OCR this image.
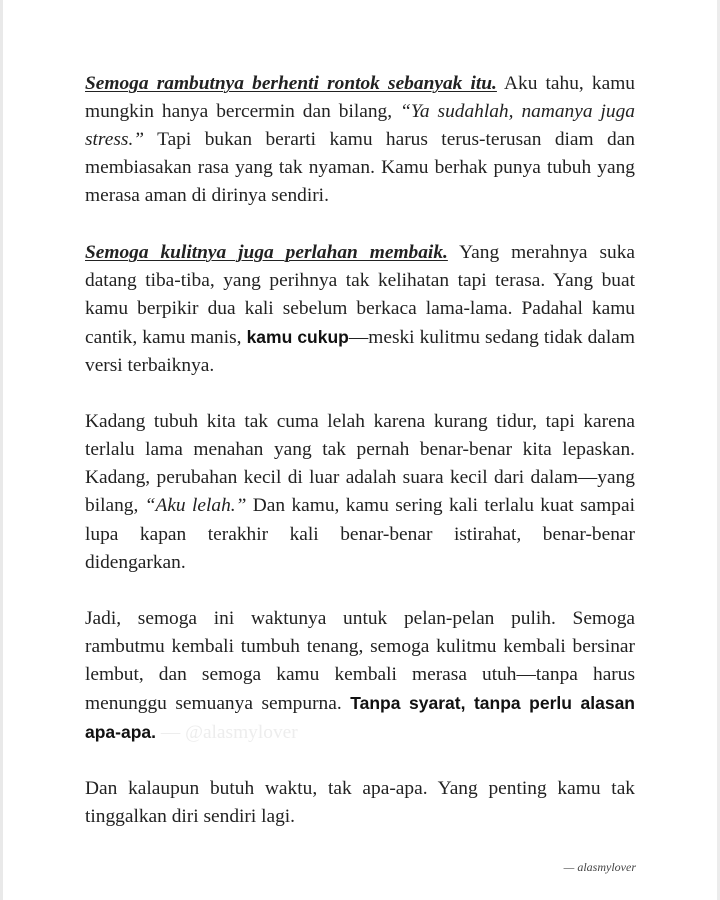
Semoga rambutnya berhenti rontok sebanyak itu. Aku tahu, kamu mungkin hanya bercermin dan bilang, “Ya sudahlah, namanya juga stress.” Tapi bukan berarti kamu harus terus-terusan diam dan membiasakan rasa yang tak nyaman. Kamu berhak punya tubuh yang merasa aman di dirinya sendiri.

Semoga kulitnya juga perlahan membaik. Yang merahnya suka datang tiba-tiba, yang perihnya tak kelihatan tapi terasa. Yang buat kamu berpikir dua kali sebelum berkaca lama-lama. Padahal kamu cantik, kamu manis, kamu cukup—meski kulitmu sedang tidak dalam versi terbaiknya.

Kadang tubuh kita tak cuma lelah karena kurang tidur, tapi karena terlalu lama menahan yang tak pernah benar-benar kita lepaskan. Kadang, perubahan kecil di luar adalah suara kecil dari dalam—yang bilang, “Aku lelah.” Dan kamu, kamu sering kali terlalu kuat sampai lupa kapan terakhir kali benar-benar istirahat, benar-benar didengarkan.

Jadi, semoga ini waktunya untuk pelan-pelan pulih. Semoga rambutmu kembali tumbuh tenang, semoga kulitmu kembali bersinar lembut, dan semoga kamu kembali merasa utuh—tanpa harus menunggu semuanya sempurna. Tanpa syarat, tanpa perlu alasan apa-apa. — @alasmylover

Dan kalaupun butuh waktu, tak apa-apa. Yang penting kamu tak tinggalkan diri sendiri lagi.

— alasmylover
